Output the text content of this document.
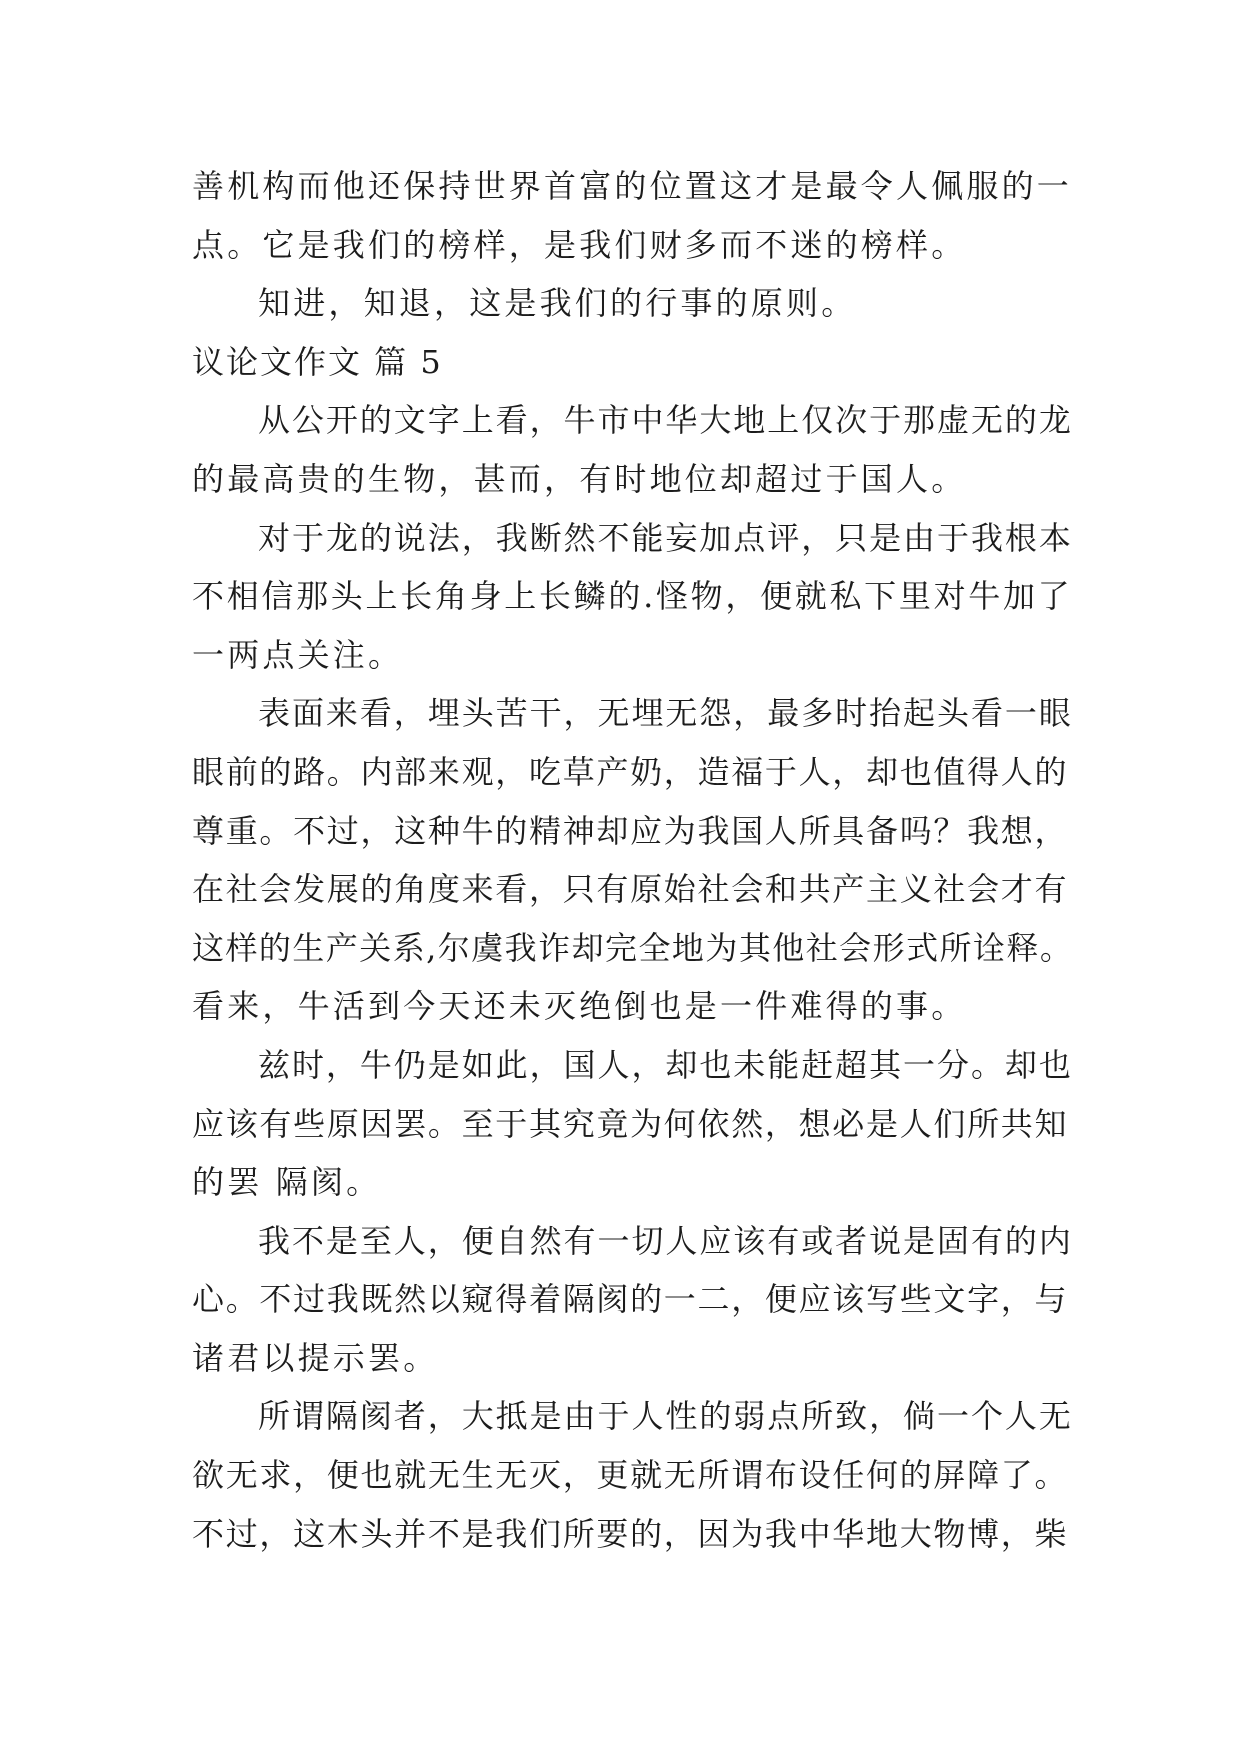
善机构而他还保持世界首富的位置这才是最令人佩服的一
点。它是我们的榜样，是我们财多而不迷的榜样。
知进，知退，这是我们的行事的原则。
议论文作文 篇 5
从公开的文字上看，牛市中华大地上仅次于那虚无的龙
的最高贵的生物，甚而，有时地位却超过于国人。
对于龙的说法，我断然不能妄加点评，只是由于我根本
不相信那头上长角身上长鳞的.怪物，便就私下里对牛加了
一两点关注。
表面来看，埋头苦干，无埋无怨，最多时抬起头看一眼
眼前的路。内部来观，吃草产奶，造福于人，却也值得人的
尊重。不过，这种牛的精神却应为我国人所具备吗？我想，
在社会发展的角度来看，只有原始社会和共产主义社会才有
这样的生产关系,尔虞我诈却完全地为其他社会形式所诠释。
看来，牛活到今天还未灭绝倒也是一件难得的事。
兹时，牛仍是如此，国人，却也未能赶超其一分。却也
应该有些原因罢。至于其究竟为何依然，想必是人们所共知
的罢 隔阂。
我不是至人，便自然有一切人应该有或者说是固有的内
心。不过我既然以窥得着隔阂的一二，便应该写些文字，与
诸君以提示罢。
所谓隔阂者，大抵是由于人性的弱点所致，倘一个人无
欲无求，便也就无生无灭，更就无所谓布设任何的屏障了。
不过，这木头并不是我们所要的，因为我中华地大物博，柴
